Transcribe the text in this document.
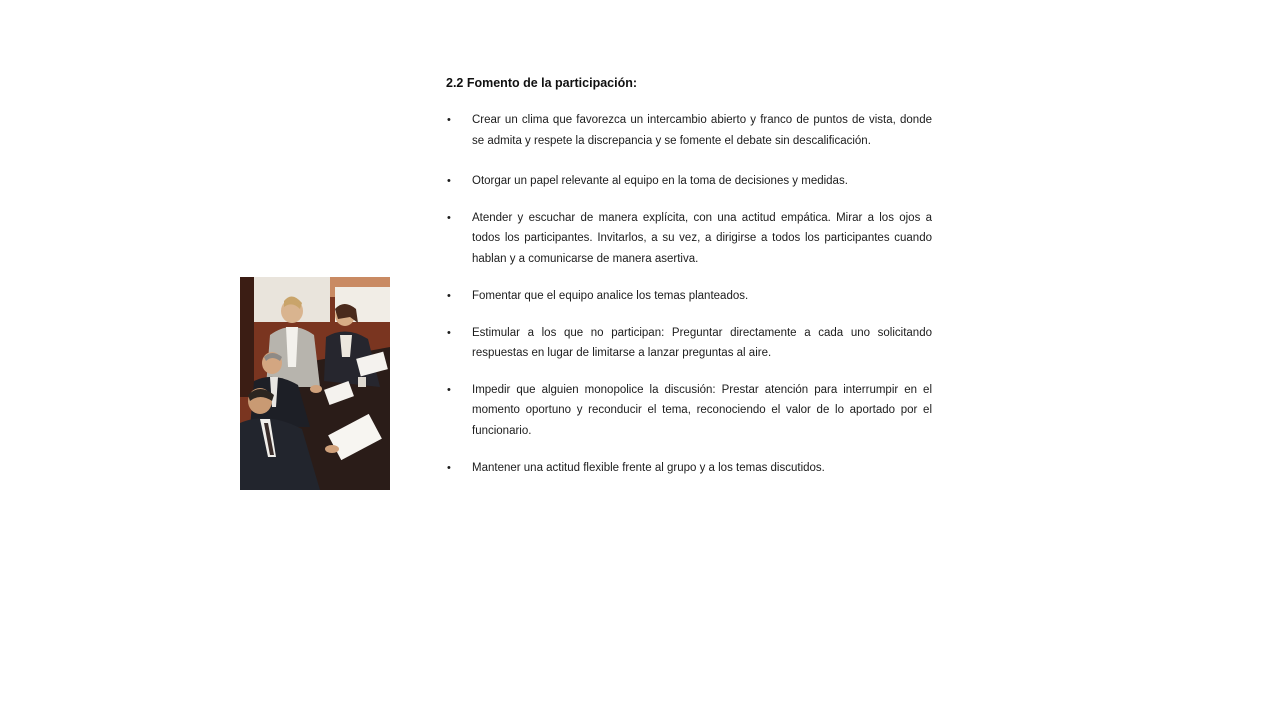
2.2 Fomento de la participación:
• Crear un clima que favorezca un intercambio abierto y franco de puntos de vista, donde se admita y respete la discrepancia y se fomente el debate sin descalificación.
• Otorgar un papel relevante al equipo en la toma de decisiones y medidas.
• Atender y escuchar de manera explícita, con una actitud empática. Mirar a los ojos a todos los participantes. Invitarlos, a su vez, a dirigirse a todos los participantes cuando hablan y a comunicarse de manera asertiva.
• Fomentar que el equipo analice los temas planteados.
• Estimular a los que no participan: Preguntar directamente a cada uno solicitando respuestas en lugar de limitarse a lanzar preguntas al aire.
• Impedir que alguien monopolice la discusión: Prestar atención para interrumpir en el momento oportuno y reconducir el tema, reconociendo el valor de lo aportado por el funcionario.
• Mantener una actitud flexible frente al grupo y a los temas discutidos.
